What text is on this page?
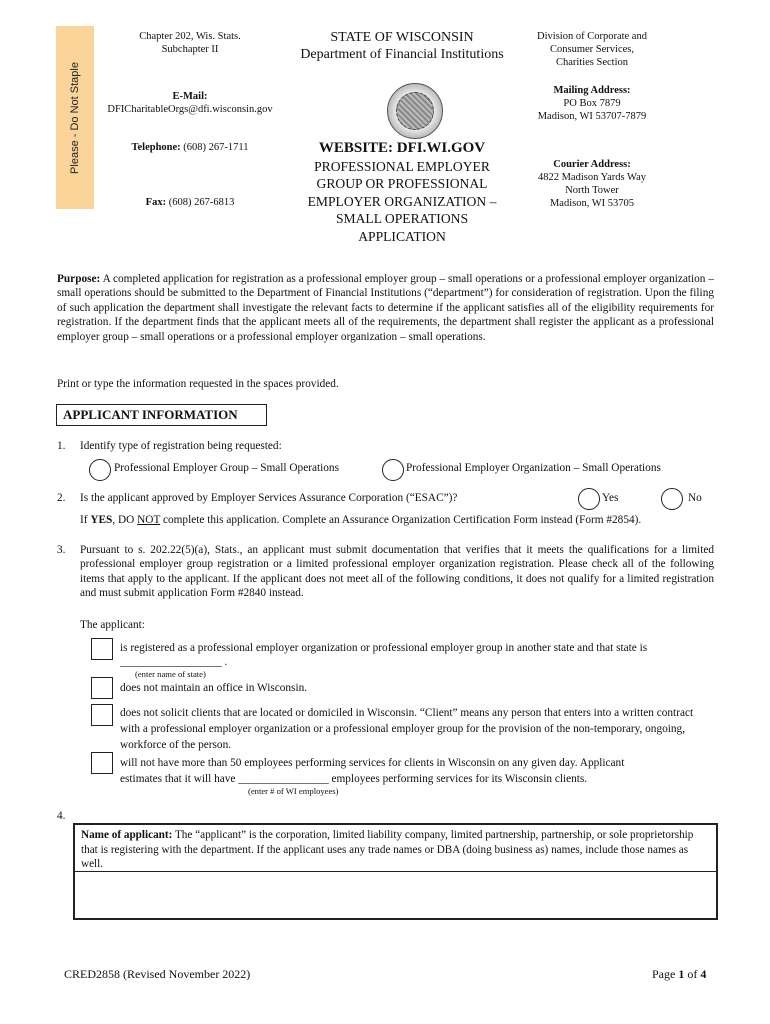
Please - Do Not Staple
Chapter 202, Wis. Stats.
Subchapter II
E-Mail:
DFICharitableOrgs@dfi.wisconsin.gov
Telephone: (608) 267-1711
Fax: (608) 267-6813
STATE OF WISCONSIN
Department of Financial Institutions
WEBSITE: DFI.WI.GOV
PROFESSIONAL EMPLOYER
GROUP OR PROFESSIONAL
EMPLOYER ORGANIZATION –
SMALL OPERATIONS
APPLICATION
Division of Corporate and
Consumer Services,
Charities Section
Mailing Address:
PO Box 7879
Madison, WI 53707-7879
Courier Address:
4822 Madison Yards Way
North Tower
Madison, WI 53705
Purpose: A completed application for registration as a professional employer group – small operations or a professional employer organization – small operations should be submitted to the Department of Financial Institutions (“department”) for consideration of registration. Upon the filing of such application the department shall investigate the relevant facts to determine if the applicant satisfies all of the eligibility requirements for registration. If the department finds that the applicant meets all of the requirements, the department shall register the applicant as a professional employer group – small operations or a professional employer organization – small operations.
Print or type the information requested in the spaces provided.
APPLICANT INFORMATION
1. Identify type of registration being requested:
Professional Employer Group – Small Operations	Professional Employer Organization – Small Operations
2. Is the applicant approved by Employer Services Assurance Corporation (“ESAC”)?	Yes	No
If YES, DO NOT complete this application. Complete an Assurance Organization Certification Form instead (Form #2854).
3. Pursuant to s. 202.22(5)(a), Stats., an applicant must submit documentation that verifies that it meets the qualifications for a limited professional employer group registration or a limited professional employer organization registration. Please check all of the following items that apply to the applicant. If the applicant does not meet all of the following conditions, it does not qualify for a limited registration and must submit application Form #2840 instead.
The applicant:
is registered as a professional employer organization or professional employer group in another state and that state is
__________________ .
(enter name of state)
does not maintain an office in Wisconsin.
does not solicit clients that are located or domiciled in Wisconsin. “Client” means any person that enters into a written contract with a professional employer organization or a professional employer group for the provision of the non-temporary, ongoing, workforce of the person.
will not have more than 50 employees performing services for clients in Wisconsin on any given day. Applicant
estimates that it will have ________________ employees performing services for its Wisconsin clients.
(enter # of WI employees)
4.
Name of applicant: The “applicant” is the corporation, limited liability company, limited partnership, partnership, or sole proprietorship that is registering with the department. If the applicant uses any trade names or DBA (doing business as) names, include those names as well.
CRED2858 (Revised November 2022)	Page 1 of 4
